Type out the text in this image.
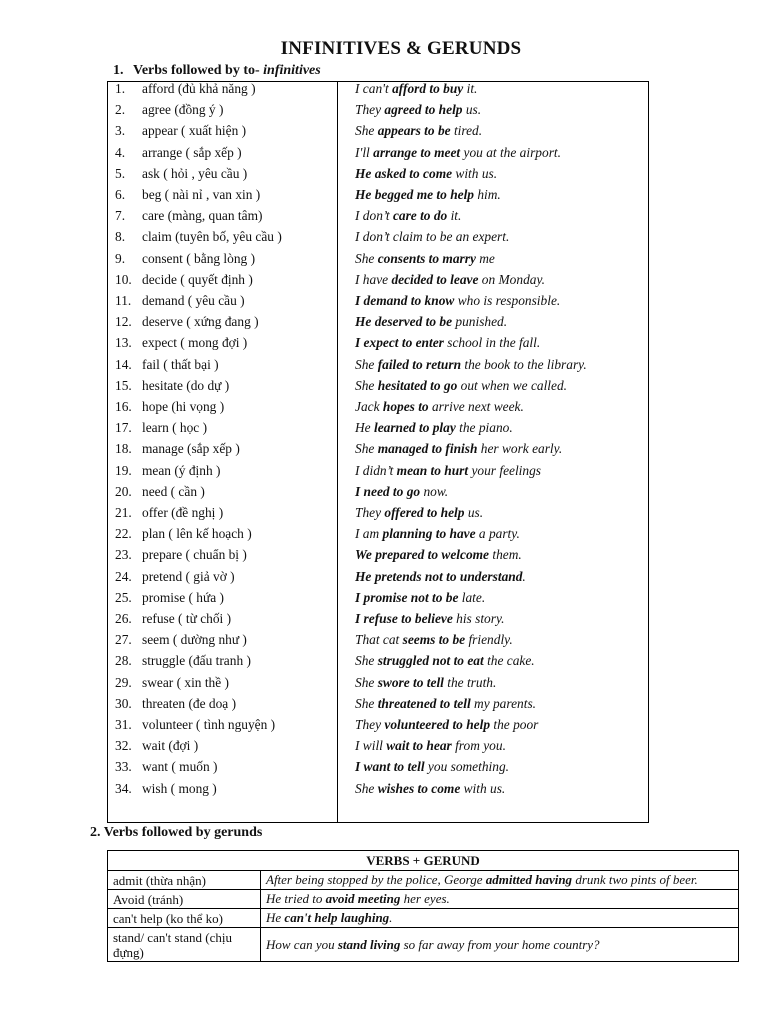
INFINITIVES & GERUNDS
1. Verbs followed by to- infinitives
1. afford (đủ khả năng )	I can't afford to buy it.
2. agree (đồng ý )	They agreed to help us.
3. appear ( xuất hiện )	She appears to be tired.
4. arrange ( sắp xếp )	I'll arrange to meet you at the airport.
5. ask ( hỏi , yêu cầu )	He asked to come with us.
6. beg ( nài nỉ , van xin )	He begged me to help him.
7. care (màng, quan tâm)	I don’t care to do it.
8. claim (tuyên bố, yêu cầu )	I don’t claim to be an expert.
9. consent ( bằng lòng )	She consents to marry me
10. decide ( quyết định )	I have decided to leave on Monday.
11. demand ( yêu cầu )	I demand to know who is responsible.
12. deserve ( xứng đang )	He deserved to be punished.
13. expect ( mong đợi )	I expect to enter school in the fall.
14. fail ( thất bại )	She failed to return the book to the library.
15. hesitate (do dự )	She hesitated to go out when we called.
16. hope (hi vọng )	Jack hopes to arrive next week.
17. learn ( học )	He learned to play the piano.
18. manage (sắp xếp )	She managed to finish her work early.
19. mean (ý định )	I didn’t mean to hurt your feelings
20. need ( cần )	I need to go now.
21. offer (đề nghị )	They offered to help us.
22. plan ( lên kế hoạch )	I am planning to have a party.
23. prepare ( chuẩn bị )	We prepared to welcome them.
24. pretend ( giả vờ )	He pretends not to understand.
25. promise ( hứa )	I promise not to be late.
26. refuse ( từ chối )	I refuse to believe his story.
27. seem ( dường như )	That cat seems to be friendly.
28. struggle (đấu tranh )	She struggled not to eat the cake.
29. swear ( xin thề )	She swore to tell the truth.
30. threaten (đe doạ )	She threatened to tell my parents.
31. volunteer ( tình nguyện )	They volunteered to help the poor
32. wait (đợi )	I will wait to hear from you.
33. want ( muốn )	I want to tell you something.
34. wish ( mong )	She wishes to come with us.
2. Verbs followed by gerunds
VERBS + GERUND	
admit (thừa nhận)	After being stopped by the police, George admitted having drunk two pints of beer.
Avoid (tránh)	He tried to avoid meeting her eyes.
can't help (ko thể ko)	He can't help laughing.
stand/ can't stand (chịu đựng)	How can you stand living so far away from your home country?
